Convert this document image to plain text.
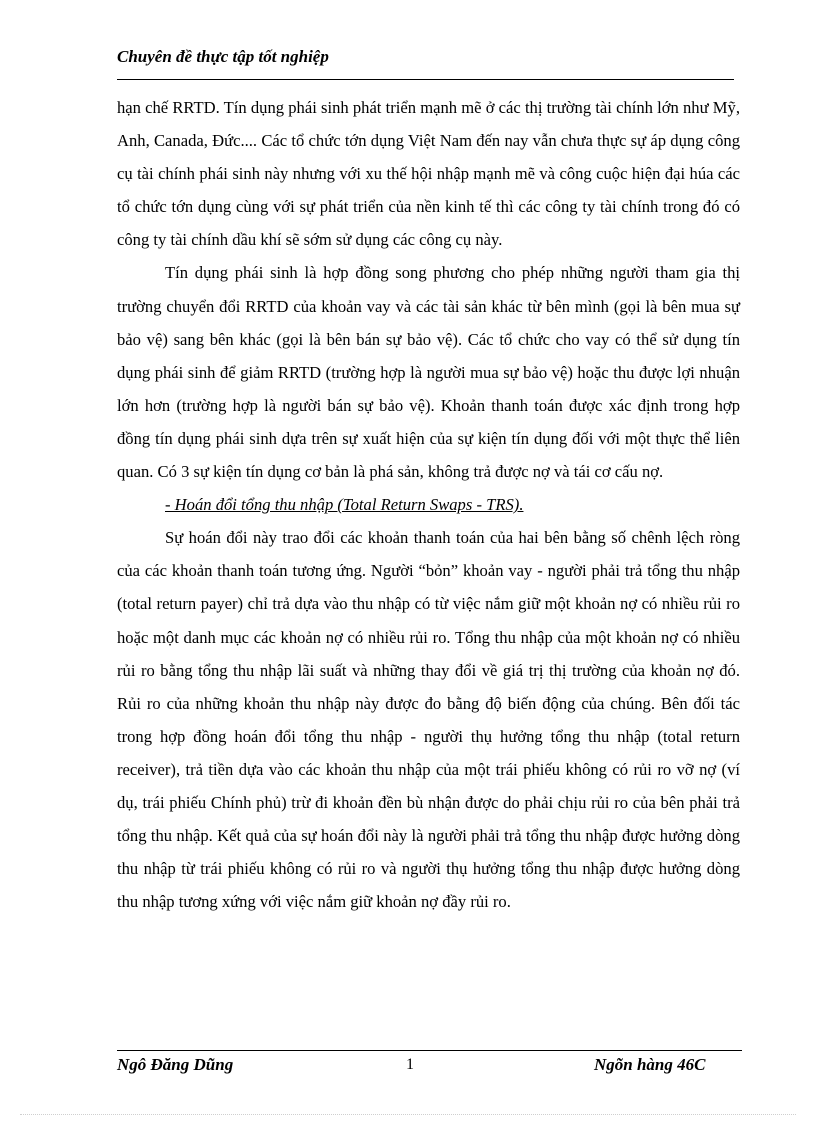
Chuyên đề thực tập tốt nghiệp

hạn chế RRTD. Tín dụng phái sinh phát triển mạnh mẽ ở các thị trường tài chính lớn như Mỹ, Anh, Canada, Đức.... Các tổ chức tớn dụng Việt Nam đến nay vẫn chưa thực sự áp dụng công cụ tài chính phái sinh này nhưng với xu thế hội nhập mạnh mẽ và công cuộc hiện đại húa các tổ chức tớn dụng cùng với sự phát triển của nền kinh tế thì các công ty tài chính trong đó có công ty tài chính dầu khí sẽ sớm sử dụng các công cụ này.

Tín dụng phái sinh là hợp đồng song phương cho phép những người tham gia thị trường chuyển đổi RRTD của khoản vay và các tài sản khác từ bên mình (gọi là bên mua sự bảo vệ) sang bên khác (gọi là bên bán sự bảo vệ). Các tổ chức cho vay có thể sử dụng tín dụng phái sinh để giảm RRTD (trường hợp là người mua sự bảo vệ) hoặc thu được lợi nhuận lớn hơn (trường hợp là người bán sự bảo vệ). Khoản thanh toán được xác định trong hợp đồng tín dụng phái sinh dựa trên sự xuất hiện của sự kiện tín dụng đối với một thực thể liên quan. Có 3 sự kiện tín dụng cơ bản là phá sản, không trả được nợ và tái cơ cấu nợ.

- Hoán đổi tổng thu nhập (Total Return Swaps - TRS).

Sự hoán đổi này trao đổi các khoản thanh toán của hai bên bằng số chênh lệch ròng của các khoản thanh toán tương ứng. Người “bỏn” khoản vay - người phải trả tổng thu nhập (total return payer) chỉ trả dựa vào thu nhập có từ việc nắm giữ một khoản nợ có nhiều rủi ro hoặc một danh mục các khoản nợ có nhiều rủi ro. Tổng thu nhập của một khoản nợ có nhiều rủi ro bằng tổng thu nhập lãi suất và những thay đổi về giá trị thị trường của khoản nợ đó. Rủi ro của những khoản thu nhập này được đo bằng độ biến động của chúng. Bên đối tác trong hợp đồng hoán đổi tổng thu nhập - người thụ hưởng tổng thu nhập (total return receiver), trả tiền dựa vào các khoản thu nhập của một trái phiếu không có rủi ro vỡ nợ (ví dụ, trái phiếu Chính phủ) trừ đi khoản đền bù nhận được do phải chịu rủi ro của bên phải trả tổng thu nhập. Kết quả của sự hoán đổi này là người phải trả tổng thu nhập được hưởng dòng thu nhập từ trái phiếu không có rủi ro và người thụ hưởng tổng thu nhập được hưởng dòng thu nhập tương xứng với việc nắm giữ khoản nợ đầy rủi ro.

Ngô Đăng Dũng	1	Ngõn hàng 46C
